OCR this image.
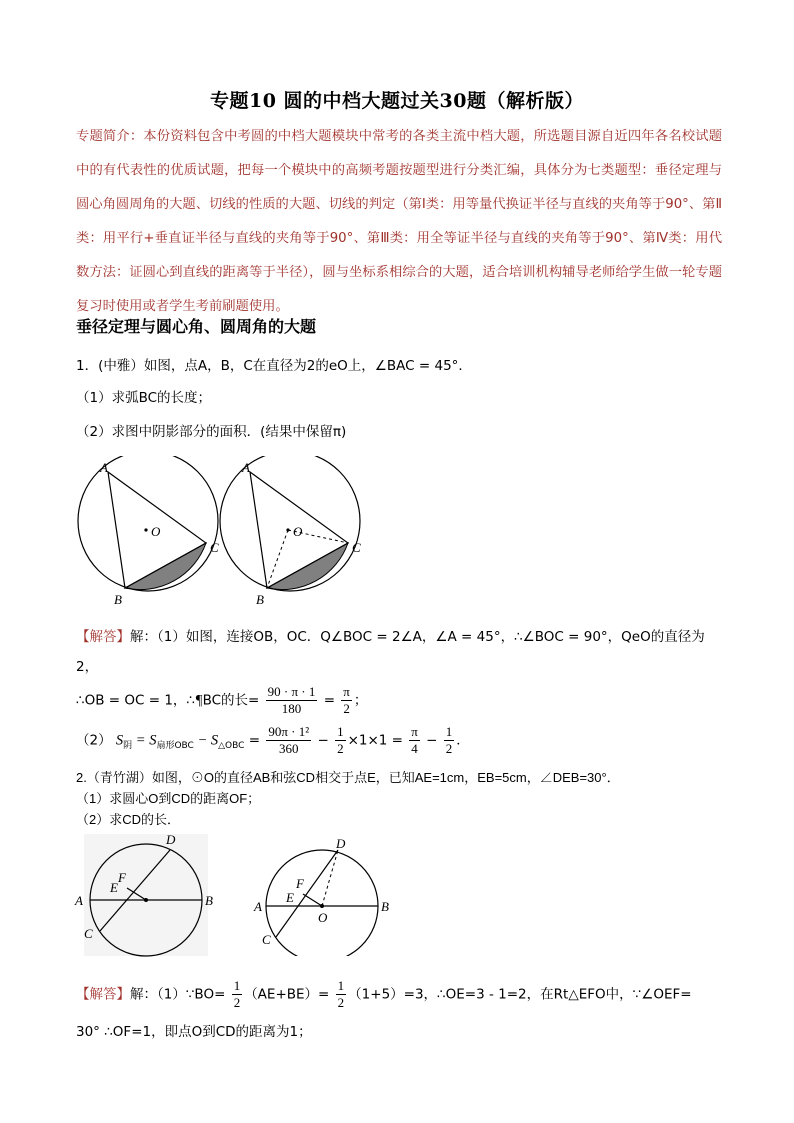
专题10 圆的中档大题过关30题（解析版）
专题简介：本份资料包含中考圆的中档大题模块中常考的各类主流中档大题，所选题目源自近四年各名校试题中的有代表性的优质试题，把每一个模块中的高频考题按题型进行分类汇编，具体分为七类题型：垂径定理与圆心角圆周角的大题、切线的性质的大题、切线的判定（第Ⅰ类：用等量代换证半径与直线的夹角等于90°、第Ⅱ类：用平行+垂直证半径与直线的夹角等于90°、第Ⅲ类：用全等证半径与直线的夹角等于90°、第Ⅳ类：用代数方法：证圆心到直线的距离等于半径），圆与坐标系相综合的大题，适合培训机构辅导老师给学生做一轮专题复习时使用或者学生考前刷题使用。
垂径定理与圆心角、圆周角的大题
1．(中雅）如图，点A，B，C在直径为2的eO上，∠BAC = 45°．
（1）求弧BC的长度；
（2）求图中阴影部分的面积．(结果中保留π)
A
B
C
O
A
B
C
O
【解答】解：（1）如图，连接OB，OC．Q∠BOC = 2∠A，∠A = 45°，∴∠BOC = 90°，QeO的直径为
2，
∴OB = OC = 1，∴¶BC的长= $\frac{90 \cdot \pi \cdot 1}{180} = \frac{\pi}{2}$ ；
（2） $S_阴 = S_{扇形OBC} - S_{\triangle OBC} = \frac{\text{90π · 1²}}{360} - \frac{1}{2} \times 1\times 1 = \frac{\pi}{4} - \frac{1}{2}$ ．
2.（青竹湖）如图，⊙O的直径AB和弦CD相交于点E，已知AE=1cm，EB=5cm，∠DEB=30°．
（1）求圆心O到CD的距离OF；
（2）求CD的长．
A	B
C
D
E
F
A	B
C
D
E
F
O
【解答】解：（1）∵BO= $\frac{1}{2} (AE+BE)= \frac{1}{2} (1+5)=3$，∴OE=3 - 1=2，在Rt△EFO中，∵∠OEF=
30° ∴OF=1，即点O到CD的距离为1；
